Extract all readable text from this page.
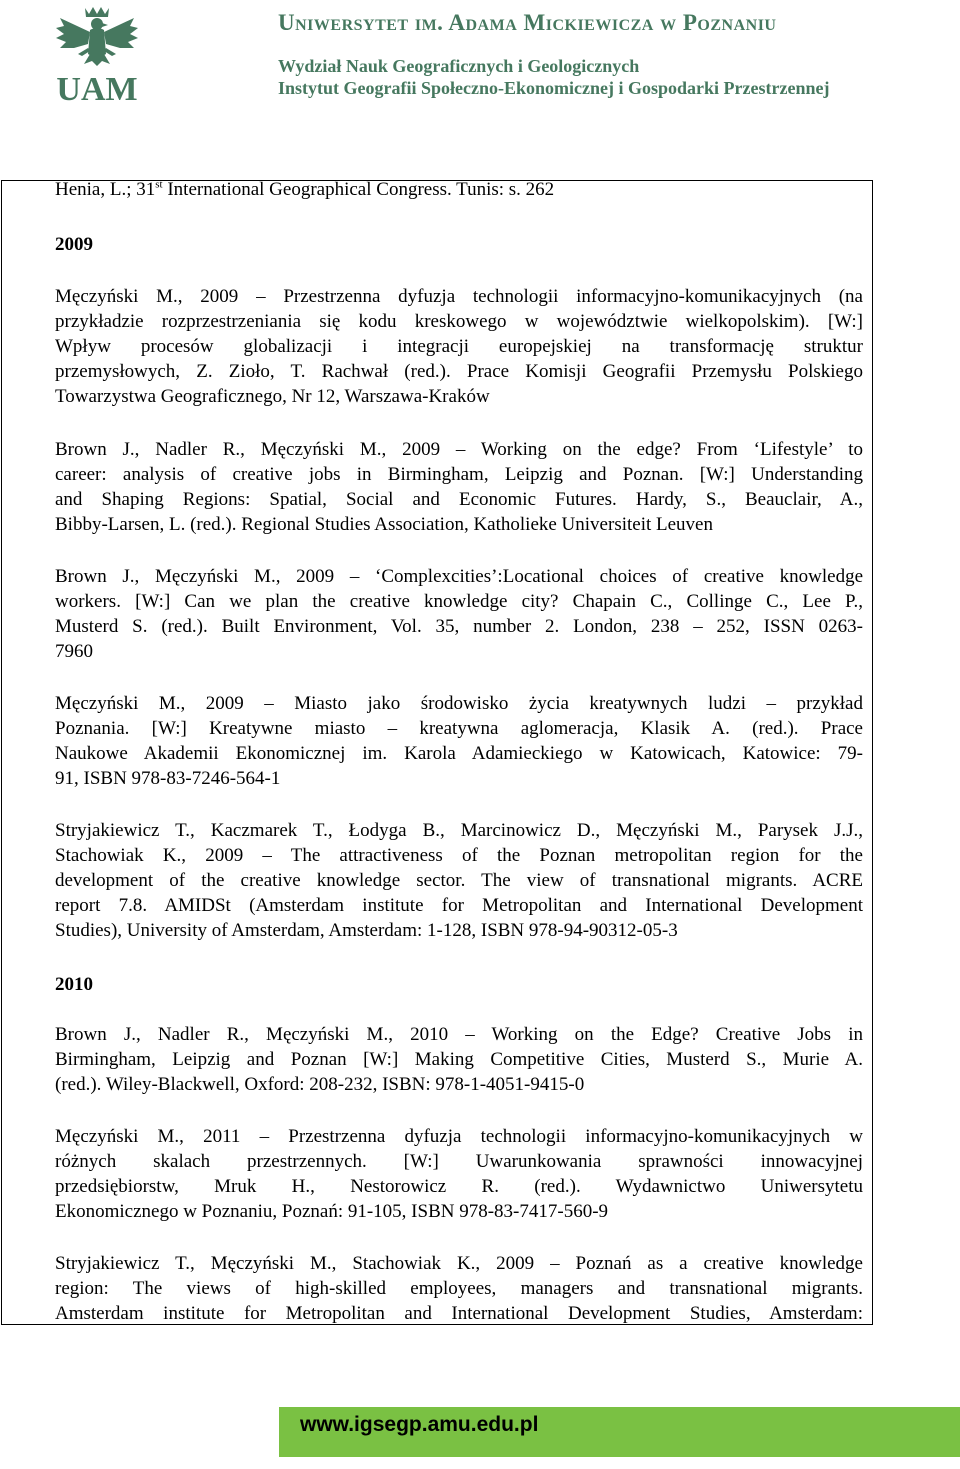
UAM
Uniwersytet im. Adama Mickiewicza w Poznaniu
Wydział Nauk Geograficznych i Geologicznych
Instytut Geografii Społeczno-Ekonomicznej i Gospodarki Przestrzennej
Henia, L.; 31st International Geographical Congress. Tunis: s. 262
2009
Męczyński M., 2009 – Przestrzenna dyfuzja technologii informacyjno-komunikacyjnych (na
przykładzie rozprzestrzeniania się kodu kreskowego w województwie wielkopolskim). [W:]
Wpływ procesów globalizacji i integracji europejskiej na transformację struktur
przemysłowych, Z. Zioło, T. Rachwał (red.). Prace Komisji Geografii Przemysłu Polskiego
Towarzystwa Geograficznego, Nr 12, Warszawa-Kraków
Brown J., Nadler R., Męczyński M., 2009 – Working on the edge? From ‘Lifestyle’ to
career: analysis of creative jobs in Birmingham, Leipzig and Poznan. [W:] Understanding
and Shaping Regions: Spatial, Social and Economic Futures. Hardy, S., Beauclair, A.,
Bibby-Larsen, L. (red.). Regional Studies Association, Katholieke Universiteit Leuven
Brown J., Męczyński M., 2009 – ‘Complexcities’:Locational choices of creative knowledge
workers. [W:] Can we plan the creative knowledge city? Chapain C., Collinge C., Lee P.,
Musterd S. (red.). Built Environment, Vol. 35, number 2. London, 238 – 252, ISSN 0263-
7960
Męczyński M., 2009 – Miasto jako środowisko życia kreatywnych ludzi – przykład
Poznania. [W:] Kreatywne miasto – kreatywna aglomeracja, Klasik A. (red.). Prace
Naukowe Akademii Ekonomicznej im. Karola Adamieckiego w Katowicach, Katowice: 79-
91, ISBN 978-83-7246-564-1
Stryjakiewicz T., Kaczmarek T., Łodyga B., Marcinowicz D., Męczyński M., Parysek J.J.,
Stachowiak K., 2009 – The attractiveness of the Poznan metropolitan region for the
development of the creative knowledge sector. The view of transnational migrants. ACRE
report 7.8. AMIDSt (Amsterdam institute for Metropolitan and International Development
Studies), University of Amsterdam, Amsterdam: 1-128, ISBN 978-94-90312-05-3
2010
Brown J., Nadler R., Męczyński M., 2010 – Working on the Edge? Creative Jobs in
Birmingham, Leipzig and Poznan [W:] Making Competitive Cities, Musterd S., Murie A.
(red.). Wiley-Blackwell, Oxford: 208-232, ISBN: 978-1-4051-9415-0
Męczyński M., 2011 – Przestrzenna dyfuzja technologii informacyjno-komunikacyjnych w
różnych skalach przestrzennych. [W:] Uwarunkowania sprawności innowacyjnej
przedsiębiorstw, Mruk H., Nestorowicz R. (red.). Wydawnictwo Uniwersytetu
Ekonomicznego w Poznaniu, Poznań: 91-105, ISBN 978-83-7417-560-9
Stryjakiewicz T., Męczyński M., Stachowiak K., 2009 – Poznań as a creative knowledge
region: The views of high-skilled employees, managers and transnational migrants.
Amsterdam institute for Metropolitan and International Development Studies, Amsterdam:
www.igsegp.amu.edu.pl
